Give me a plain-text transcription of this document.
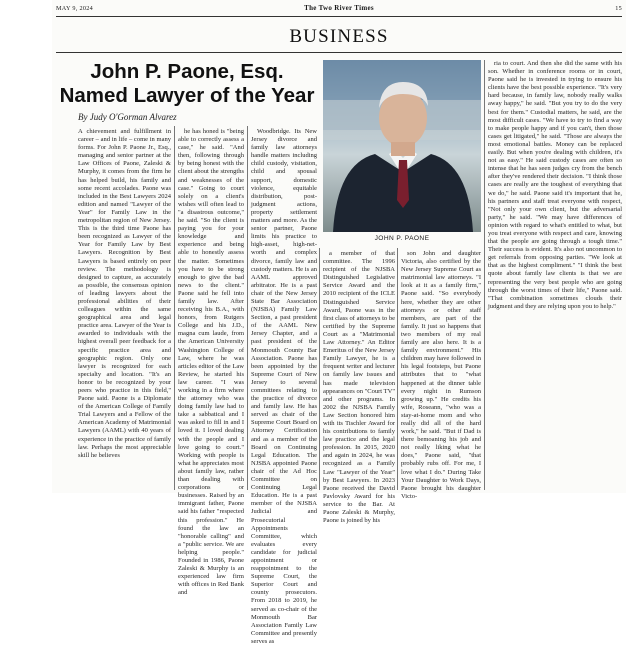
MAY 9, 2024	The Two River Times	15
BUSINESS
John P. Paone, Esq. Named Lawyer of the Year
By Judy O'Gorman Alvarez
JOHN P. PAONE

A chievement and fulfillment in career – and in life – come in many forms. For John P. Paone Jr., Esq., managing and senior partner at the Law Offices of Paone, Zaleski & Murphy, it comes from the firm he has helped build, his family and some recent accolades. Paone was included in the Best Lawyers 2024 edition and named "Lawyer of the Year" for Family Law in the metropolitan region of New Jersey. This is the third time Paone has been recognized as Lawyer of the Year for Family Law by Best Lawyers. Recognition by Best Lawyers is based entirely on peer review. The methodology is designed to capture, as accurately as possible, the consensus opinion of leading lawyers about the professional abilities of their colleagues within the same geographical area and legal practice area. Lawyer of the Year is awarded to individuals with the highest overall peer feedback for a specific practice area and geographic region. Only one lawyer is recognized for each specialty and location. "It's an honor to be recognized by your peers who practice in this field," Paone said. Paone is a Diplomate of the American College of Family Trial Lawyers and a Fellow of the American Academy of Matrimonial Lawyers (AAML) with 40 years of experience in the practice of family law. Perhaps the most appreciable skill he believes

he has honed is "being able to correctly assess a case," he said. "And then, following through by being honest with the client about the strengths and weaknesses of the case." Going to court solely on a client's wishes will often lead to "a disastrous outcome," he said. "So the client is paying you for your knowledge and experience and being able to honestly assess the matter. Sometimes you have to be strong enough to give the bad news to the client." Paone said he fell into family law. After receiving his B.A., with honors, from Rutgers College and his J.D., magna cum laude, from the American University Washington College of Law, where he was articles editor of the Law Review, he started his law career. "I was working in a firm where the attorney who was doing family law had to take a sabbatical and I was asked to fill in and I loved it. I loved dealing with the people and I love going to court." Working with people is what he appreciates most about family law, rather than dealing with corporations or businesses. Raised by an immigrant father, Paone said his father "respected this profession." He found the law an "honorable calling" and a "public service. We are helping people." Founded in 1986, Paone Zaleski & Murphy is an experienced law firm with offices in Red Bank and

Woodbridge. Its New Jersey divorce and family law attorneys handle matters including child custody, visitation, child and spousal support, domestic violence, equitable distribution, post-judgment actions, property settlement matters and more. As the senior partner, Paone limits his practice to high-asset, high-net-worth and complex divorce, family law and custody matters. He is an AAML approved arbitrator. He is a past chair of the New Jersey State Bar Association (NJSBA) Family Law Section, a past president of the AAML New Jersey Chapter, and a past president of the Monmouth County Bar Association. Paone has been appointed by the Supreme Court of New Jersey to several committees relating to the practice of divorce and family law. He has served as chair of the Supreme Court Board on Attorney Certification and as a member of the Board on Continuing Legal Education. The NJSBA appointed Paone chair of the Ad Hoc Committee on Continuing Legal Education. He is a past member of the NJSBA Judicial and Prosecutorial Appointments Committee, which evaluates every candidate for judicial appointment or reappointment to the Supreme Court, the Superior Court and county prosecutors. From 2018 to 2019, he served as co-chair of the Monmouth Bar Association Family Law Committee and presently serves as

a member of that committee. The 1996 recipient of the NJSBA Distinguished Legislative Service Award and the 2010 recipient of the ICLE Distinguished Service Award, Paone was in the first class of attorneys to be certified by the Supreme Court as a "Matrimonial Law Attorney." An Editor Emeritus of the New Jersey Family Lawyer, he is a frequent writer and lecturer on family law issues and has made television appearances on "Court TV" and other programs. In 2002 the NJSBA Family Law Section honored him with its Tischler Award for his contributions to family law practice and the legal profession. In 2015, 2020 and again in 2024, he was recognized as a Family Law "Lawyer of the Year" by Best Lawyers. In 2023 Paone received the David Pavlovsky Award for his service to the Bar. At Paone Zaleski & Murphy, Paone is joined by his

son John and daughter Victoria, also certified by the New Jersey Supreme Court as matrimonial law attorneys. "I look at it as a family firm," Paone said. "So everybody here, whether they are other attorneys or other staff members, are part of the family. It just so happens that two members of my real family are also here. It is a family environment." His children may have followed in his legal footsteps, but Paone attributes that to "what happened at the dinner table every night in Rumson growing up." He credits his wife, Roseann, "who was a stay-at-home mom and who really did all of the hard work," he said. "But if Dad is there bemoaning his job and not really liking what he does," Paone said, "that probably rubs off. For me, I love what I do." During Take Your Daughter to Work Days, Paone brought his daughter Victo-

ria to court. And then she did the same with his son. Whether in conference rooms or in court, Paone said he is invested in trying to ensure his clients have the best possible experience. "It's very hard because, in family law, nobody really walks away happy," he said. "But you try to do the very best for them." Custodial matters, he said, are the most difficult cases. "We have to try to find a way to make people happy and if you can't, then those cases get litigated," he said. "Those are always the most emotional battles. Money can be replaced easily. But when you're dealing with children, it's not as easy." He said custody cases are often so intense that he has seen judges cry from the bench after they've rendered their decision. "I think those cases are really are the toughest of everything that we do," he said. Paone said it's important that he, his partners and staff treat everyone with respect, "Not only your own client, but the adversarial party," he said. "We may have differences of opinion with regard to what's entitled to what, but you treat everyone with respect and care, knowing that the people are going through a tough time." Their success is evident. It's also not uncommon to get referrals from opposing parties. "We look at that as the highest compliment." "I think the best quote about family law clients is that we are representing the very best people who are going through the worst times of their life," Paone said. "That combination sometimes clouds their judgment and they are relying upon you to help."
